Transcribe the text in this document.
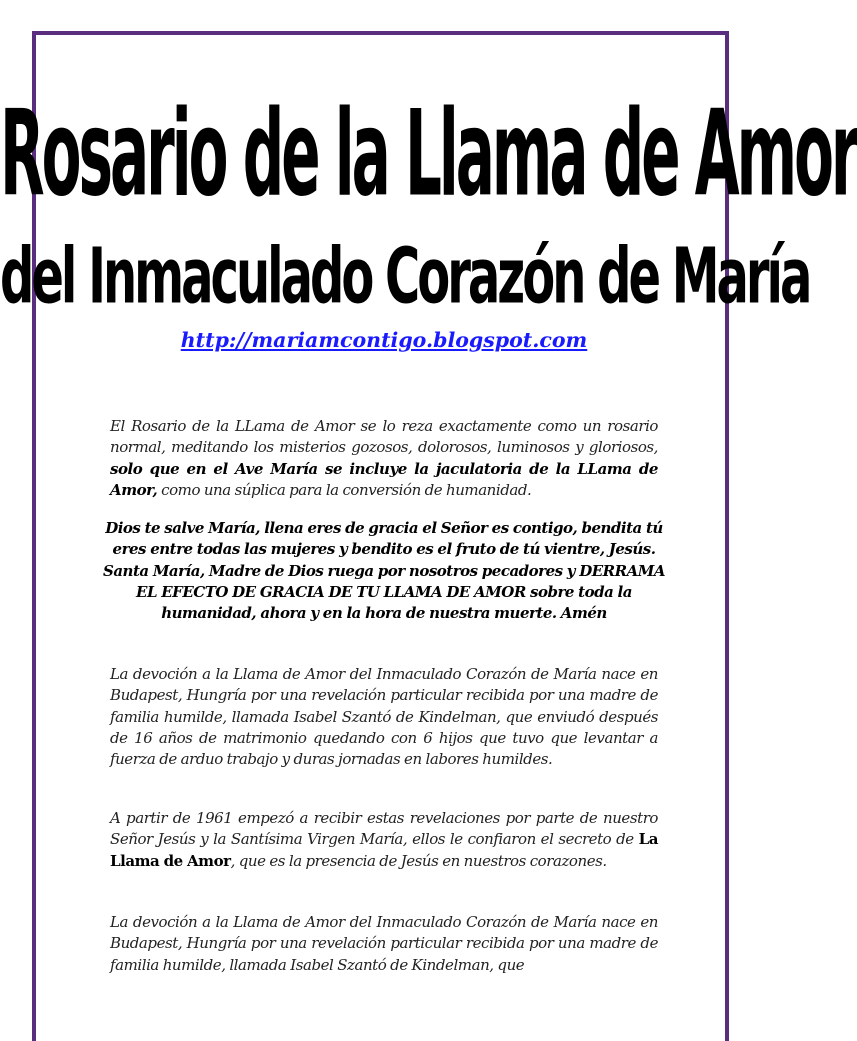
Rosario de la Llama de Amor
del Inmaculado Corazón de María
http://mariamcontigo.blogspot.com
El Rosario de la LLama de Amor se lo reza exactamente como un rosario normal, meditando los misterios gozosos, dolorosos, luminosos y gloriosos, solo que en el Ave María se incluye la jaculatoria de la LLama de Amor, como una súplica para la conversión de humanidad.
Dios te salve María, llena eres de gracia el Señor es contigo, bendita tú eres entre todas las mujeres y bendito es el fruto de tú vientre, Jesús.
Santa María, Madre de Dios ruega por nosotros pecadores y DERRAMA EL EFECTO DE GRACIA DE TU LLAMA DE AMOR sobre toda la humanidad, ahora y en la hora de nuestra muerte. Amén
La devoción a la Llama de Amor del Inmaculado Corazón de María nace en Budapest, Hungría por una revelación particular recibida por una madre de familia humilde, llamada Isabel Szantó de Kindelman, que enviudó después de 16 años de matrimonio quedando con 6 hijos que tuvo que levantar a fuerza de arduo trabajo y duras jornadas en labores humildes.
A partir de 1961 empezó a recibir estas revelaciones por parte de nuestro Señor Jesús y la Santísima Virgen María, ellos le confiaron el secreto de La Llama de Amor, que es la presencia de Jesús en nuestros corazones.
La devoción a la Llama de Amor del Inmaculado Corazón de María nace en Budapest, Hungría por una revelación particular recibida por una madre de familia humilde, llamada Isabel Szantó de Kindelman, que
